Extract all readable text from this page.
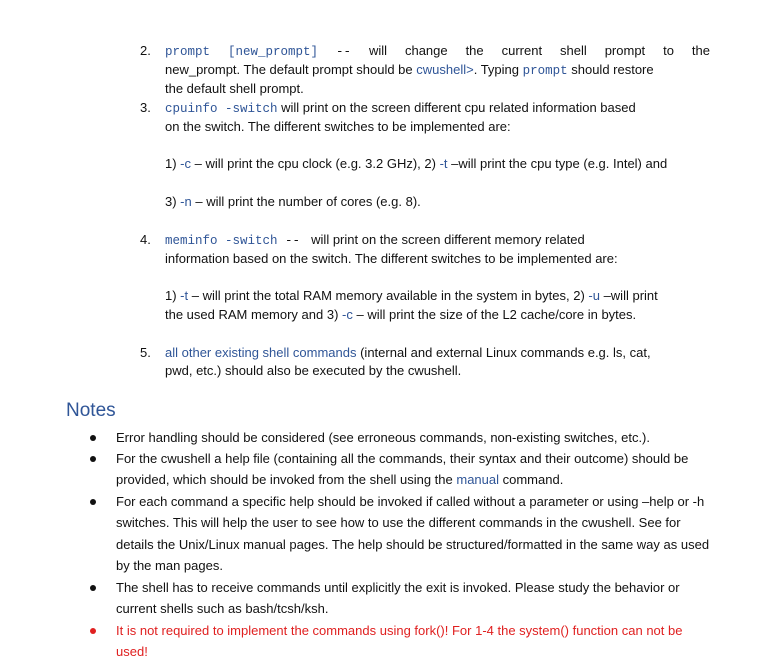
2.	prompt [new_prompt] -- will change the current shell prompt to the
new_prompt. The default prompt should be cwushell>. Typing prompt should restore
the default shell prompt.
3.	cpuinfo -switch will print on the screen different cpu related information based
on the switch. The different switches to be implemented are:
1) -c – will print the cpu clock (e.g. 3.2 GHz), 2) -t –will print the cpu type (e.g. Intel) and
3) -n – will print the number of cores (e.g. 8).
4.	meminfo -switch --  will print on the screen different memory related
information based on the switch. The different switches to be implemented are:
1) -t – will print the total RAM memory available in the system in bytes, 2) -u –will print
the used RAM memory and 3) -c – will print the size of the L2 cache/core in bytes.
5.	all other existing shell commands (internal and external Linux commands e.g. ls, cat,
pwd, etc.) should also be executed by the cwushell.
Notes
Error handling should be considered (see erroneous commands, non-existing switches, etc.).
For the cwushell a help file (containing all the commands, their syntax and their outcome) should be provided, which should be invoked from the shell using the manual command.
For each command a specific help should be invoked if called without a parameter or using –help or -h switches. This will help the user to see how to use the different commands in the cwushell. See for details the Unix/Linux manual pages. The help should be structured/formatted in the same way as used by the man pages.
The shell has to receive commands until explicitly the exit is invoked. Please study the behavior or current shells such as bash/tcsh/ksh.
It is not required to implement the commands using fork()! For 1-4 the system() function can not be used!
